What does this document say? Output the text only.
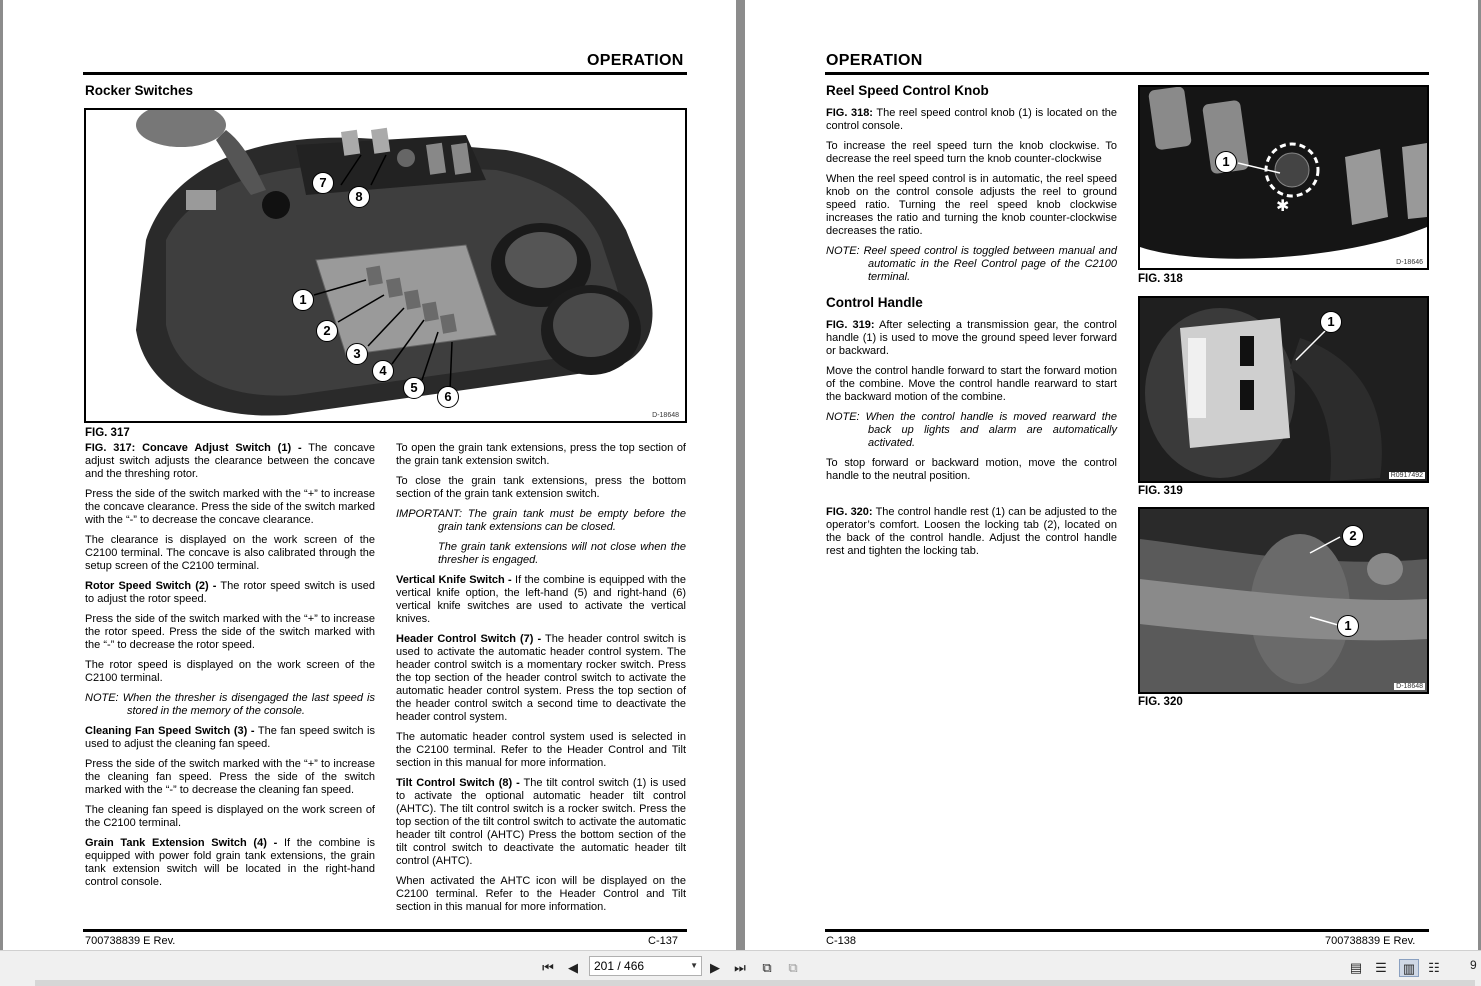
OPERATION
Rocker Switches
7
8
1
2
3
4
5
6
D-18648
FIG. 317

FIG. 317: Concave Adjust Switch (1) - The concave adjust switch adjusts the clearance between the concave and the threshing rotor.

Press the side of the switch marked with the “+” to increase the concave clearance. Press the side of the switch marked with the “-” to decrease the concave clearance.

The clearance is displayed on the work screen of the C2100 terminal. The concave is also calibrated through the setup screen of the C2100 terminal.

Rotor Speed Switch (2) - The rotor speed switch is used to adjust the rotor speed.

Press the side of the switch marked with the “+” to increase the rotor speed. Press the side of the switch marked with the “-” to decrease the rotor speed.

The rotor speed is displayed on the work screen of the C2100 terminal.

NOTE: When the thresher is disengaged the last speed is stored in the memory of the console.

Cleaning Fan Speed Switch (3) - The fan speed switch is used to adjust the cleaning fan speed.

Press the side of the switch marked with the “+” to increase the cleaning fan speed. Press the side of the switch marked with the “-” to decrease the cleaning fan speed.

The cleaning fan speed is displayed on the work screen of the C2100 terminal.

Grain Tank Extension Switch (4) - If the combine is equipped with power fold grain tank extensions, the grain tank extension switch will be located in the right-hand control console.

To open the grain tank extensions, press the top section of the grain tank extension switch.

To close the grain tank extensions, press the bottom section of the grain tank extension switch.

IMPORTANT: The grain tank must be empty before the grain tank extensions can be closed.

The grain tank extensions will not close when the thresher is engaged.

Vertical Knife Switch - If the combine is equipped with the vertical knife option, the left-hand (5) and right-hand (6) vertical knife switches are used to activate the vertical knives.

Header Control Switch (7) - The header control switch is used to activate the automatic header control system. The header control switch is a momentary rocker switch. Press the top section of the header control switch to activate the automatic header control system. Press the top section of the header control switch a second time to deactivate the header control system.

The automatic header control system used is selected in the C2100 terminal. Refer to the Header Control and Tilt section in this manual for more information.

Tilt Control Switch (8) - The tilt control switch (1) is used to activate the optional automatic header tilt control (AHTC). The tilt control switch is a rocker switch. Press the top section of the tilt control switch to activate the automatic header tilt control (AHTC) Press the bottom section of the tilt control switch to deactivate the automatic header tilt control (AHTC).

When activated the AHTC icon will be displayed on the C2100 terminal. Refer to the Header Control and Tilt section in this manual for more information.

700738839 E Rev.	C-137
OPERATION
Reel Speed Control Knob

FIG. 318: The reel speed control knob (1) is located on the control console.

To increase the reel speed turn the knob clockwise. To decrease the reel speed turn the knob counter-clockwise

When the reel speed control is in automatic, the reel speed knob on the control console adjusts the reel to ground speed ratio. Turning the reel speed knob clockwise increases the ratio and turning the knob counter-clockwise decreases the ratio.

NOTE: Reel speed control is toggled between manual and automatic in the Reel Control page of the C2100 terminal.

Control Handle

FIG. 319: After selecting a transmission gear, the control handle (1) is used to move the ground speed lever forward or backward.

Move the control handle forward to start the forward motion of the combine. Move the control handle rearward to start the backward motion of the combine.

NOTE: When the control handle is moved rearward the back up lights and alarm are automatically activated.

To stop forward or backward motion, move the control handle to the neutral position.

FIG. 320: The control handle rest (1) can be adjusted to the operator’s comfort. Loosen the locking tab (2), located on the back of the control handle. Adjust the control handle rest and tighten the locking tab.

✱
1
D-18646
FIG. 318
1
R0917492
FIG. 319
2
1
D-18648
FIG. 320
C-138	700738839 E Rev.
⏮	◀	▶	⏭	⧉	⧉	▤ ☰ ▥ ☷
201 / 466	▼	9
